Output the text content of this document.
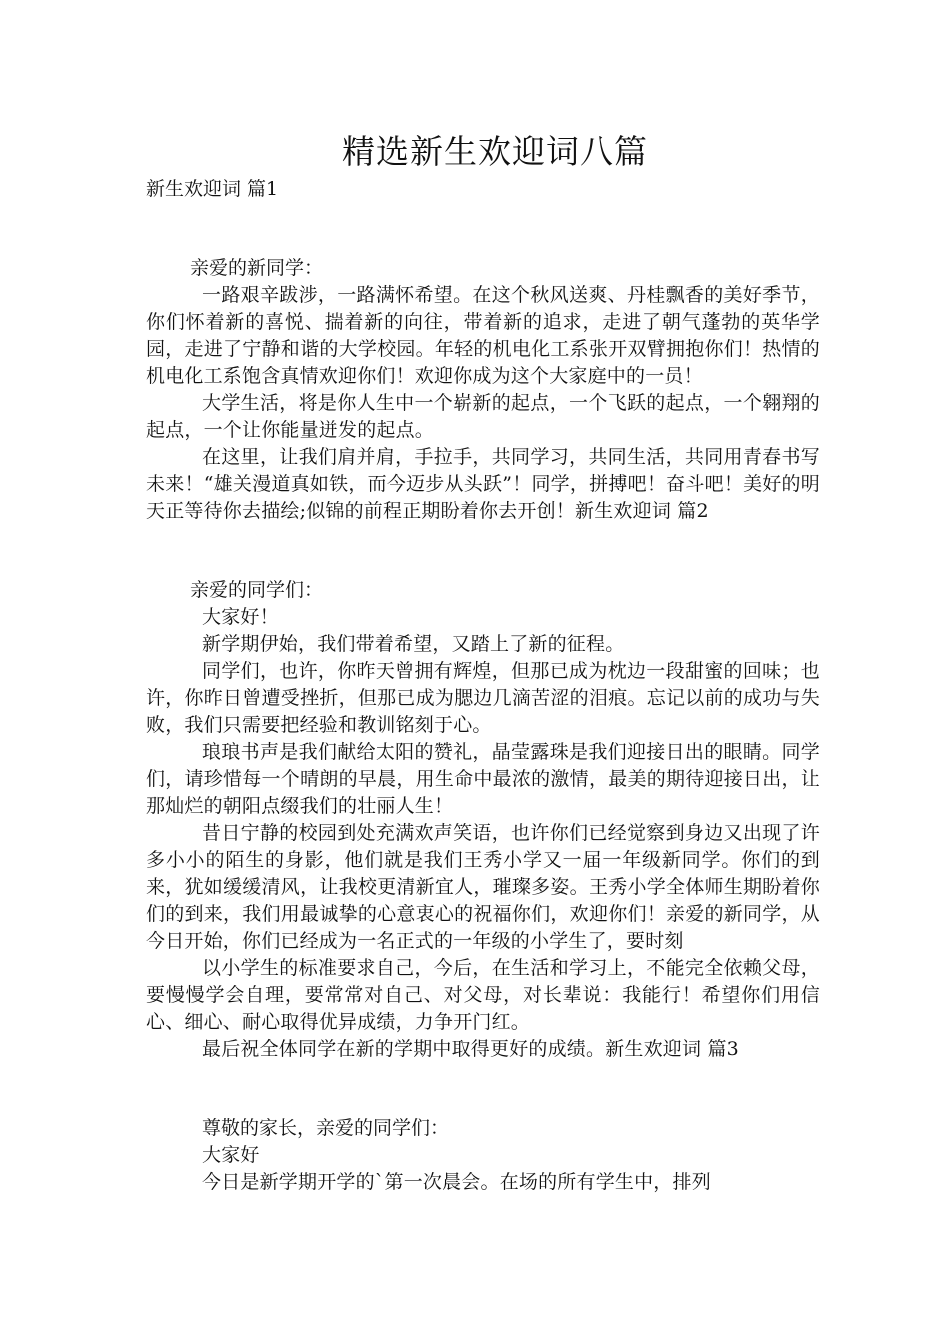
精选新生欢迎词八篇
新生欢迎词 篇1
亲爱的新同学：

一路艰辛跋涉，一路满怀希望。在这个秋风送爽、丹桂飘香的美好季节，你们怀着新的喜悦、揣着新的向往，带着新的追求，走进了朝气蓬勃的英华学园，走进了宁静和谐的大学校园。年轻的机电化工系张开双臂拥抱你们！热情的机电化工系饱含真情欢迎你们！欢迎你成为这个大家庭中的一员！

大学生活，将是你人生中一个崭新的起点，一个飞跃的起点，一个翱翔的起点，一个让你能量迸发的起点。

在这里，让我们肩并肩，手拉手，共同学习，共同生活，共同用青春书写未来！“雄关漫道真如铁，而今迈步从头跃”！同学，拼搏吧！奋斗吧！美好的明天正等待你去描绘;似锦的前程正期盼着你去开创！新生欢迎词 篇2

亲爱的同学们：

大家好！

新学期伊始，我们带着希望，又踏上了新的征程。

同学们，也许，你昨天曾拥有辉煌，但那已成为枕边一段甜蜜的回味；也许，你昨日曾遭受挫折，但那已成为腮边几滴苦涩的泪痕。忘记以前的成功与失败，我们只需要把经验和教训铭刻于心。

琅琅书声是我们献给太阳的赞礼，晶莹露珠是我们迎接日出的眼睛。同学们，请珍惜每一个晴朗的早晨，用生命中最浓的激情，最美的期待迎接日出，让那灿烂的朝阳点缀我们的壮丽人生！

昔日宁静的校园到处充满欢声笑语，也许你们已经觉察到身边又出现了许多小小的陌生的身影，他们就是我们王秀小学又一届一年级新同学。你们的到来，犹如缓缓清风，让我校更清新宜人，璀璨多姿。王秀小学全体师生期盼着你们的到来，我们用最诚挚的心意衷心的祝福你们，欢迎你们！亲爱的新同学，从今日开始，你们已经成为一名正式的一年级的小学生了，要时刻

以小学生的标准要求自己，今后，在生活和学习上，不能完全依赖父母，要慢慢学会自理，要常常对自己、对父母，对长辈说：我能行！希望你们用信心、细心、耐心取得优异成绩，力争开门红。

最后祝全体同学在新的学期中取得更好的成绩。新生欢迎词 篇3

尊敬的家长，亲爱的同学们：

大家好

今日是新学期开学的`第一次晨会。在场的所有学生中，排列
